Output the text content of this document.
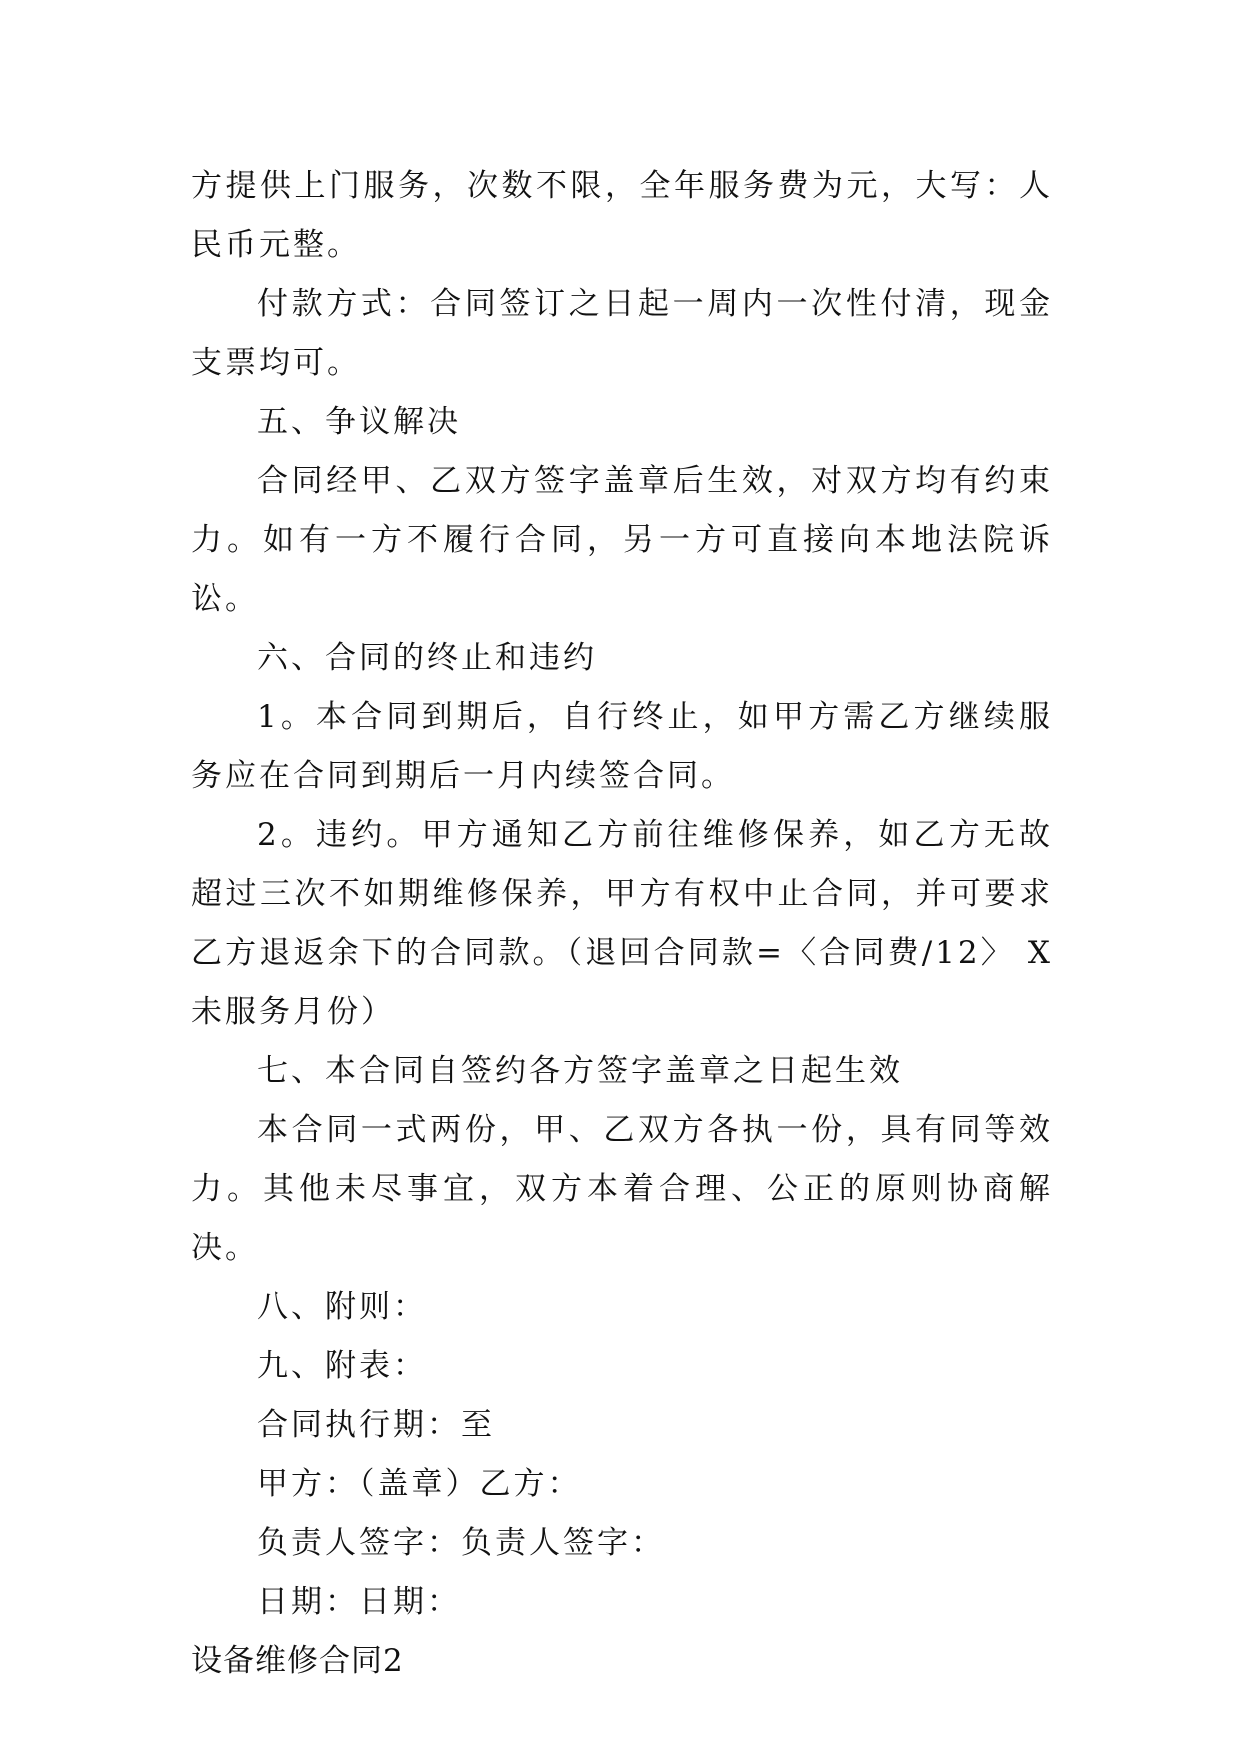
方提供上门服务，次数不限，全年服务费为元，大写：人民币元整。

付款方式：合同签订之日起一周内一次性付清，现金支票均可。

五、争议解决

合同经甲、乙双方签字盖章后生效，对双方均有约束力。如有一方不履行合同，另一方可直接向本地法院诉讼。

六、合同的终止和违约

1。本合同到期后，自行终止，如甲方需乙方继续服务应在合同到期后一月内续签合同。

2。违约。甲方通知乙方前往维修保养，如乙方无故超过三次不如期维修保养，甲方有权中止合同，并可要求乙方退返余下的合同款。（退回合同款=〈合同费/12〉 X未服务月份）

七、本合同自签约各方签字盖章之日起生效

本合同一式两份，甲、乙双方各执一份，具有同等效力。其他未尽事宜，双方本着合理、公正的原则协商解决。

八、附则：

九、附表：

合同执行期：至

甲方：（盖章）乙方：

负责人签字：负责人签字：

日期：日期：

设备维修合同2
